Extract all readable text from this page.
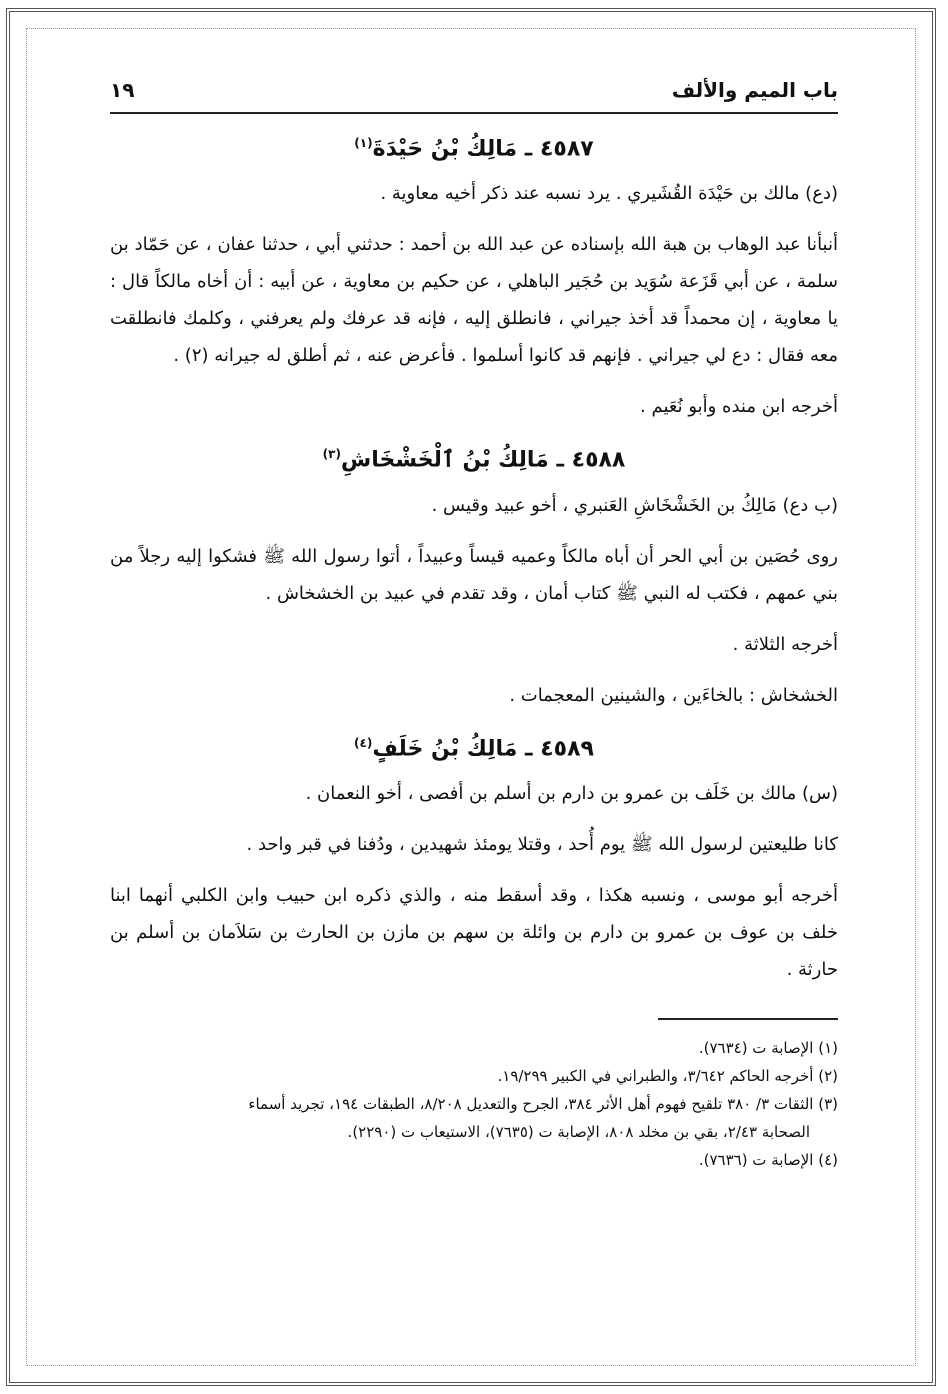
باب الميم والألف
١٩
٤٥٨٧ ـ مَالِكُ بْنُ حَيْدَةَ$^{(١)}$

(دع) مالك بن حَيْدَة القُشَيري . يرد نسبه عند ذكر أخيه معاوية .

أنبأنا عبد الوهاب بن هبة الله بإسناده عن عبد الله بن أحمد : حدثني أبي ، حدثنا عفان ، عن حَمّاد بن سلمة ، عن أبي قَزَعة سُوَيد بن حُجَير الباهلي ، عن حكيم بن معاوية ، عن أبيه : أن أخاه مالكاً قال : يا معاوية ، إن محمداً قد أخذ جيراني ، فانطلق إليه ، فإنه قد عرفك ولم يعرفني ، وكلمك فانطلقت معه فقال : دع لي جيراني . فإنهم قد كانوا أسلموا . فأعرض عنه ، ثم أطلق له جيرانه (٢) .

أخرجه ابن منده وأبو نُعَيم .

٤٥٨٨ ـ مَالِكُ بْنُ ٱلْخَشْخَاشِ$^{(٣)}$

(ب دع) مَالِكُ بن الخَشْخَاشِ العَنبري ، أخو عبيد وقيس .

روى حُصَين بن أبي الحر أن أباه مالكاً وعميه قيساً وعبيداً ، أتوا رسول الله ﷺ فشكوا إليه رجلاً من بني عمهم ، فكتب له النبي ﷺ كتاب أمان ، وقد تقدم في عبيد بن الخشخاش .

أخرجه الثلاثة .

الخشخاش : بالخاءَين ، والشينين المعجمات .

٤٥٨٩ ـ مَالِكُ بْنُ خَلَفٍ$^{(٤)}$

(س) مالك بن خَلَف بن عمرو بن دارم بن أسلم بن أفصى ، أخو النعمان .

كانا طليعتين لرسول الله ﷺ يوم أُحد ، وقتلا يومئذ شهيدين ، ودُفنا في قبر واحد .

أخرجه أبو موسى ، ونسبه هكذا ، وقد أسقط منه ، والذي ذكره ابن حبيب وابن الكلبي أنهما ابنا خلف بن عوف بن عمرو بن دارم بن وائلة بن سهم بن مازن بن الحارث بن سَلاَمان بن أسلم بن حارثة .

(١) الإصابة ت (٧٦٣٤).

(٢) أخرجه الحاكم ٣/٦٤٢، والطبراني في الكبير ١٩/٢٩٩.

(٣) الثقات ٣/ ٣٨٠ تلقيح فهوم أهل الأثر ٣٨٤، الجرح والتعديل ٨/٢٠٨، الطبقات ١٩٤، تجريد أسماء

الصحابة ٢/٤٣، بقي بن مخلد ٨٠٨، الإصابة ت (٧٦٣٥)، الاستيعاب ت (٢٢٩٠).

(٤) الإصابة ت (٧٦٣٦).
